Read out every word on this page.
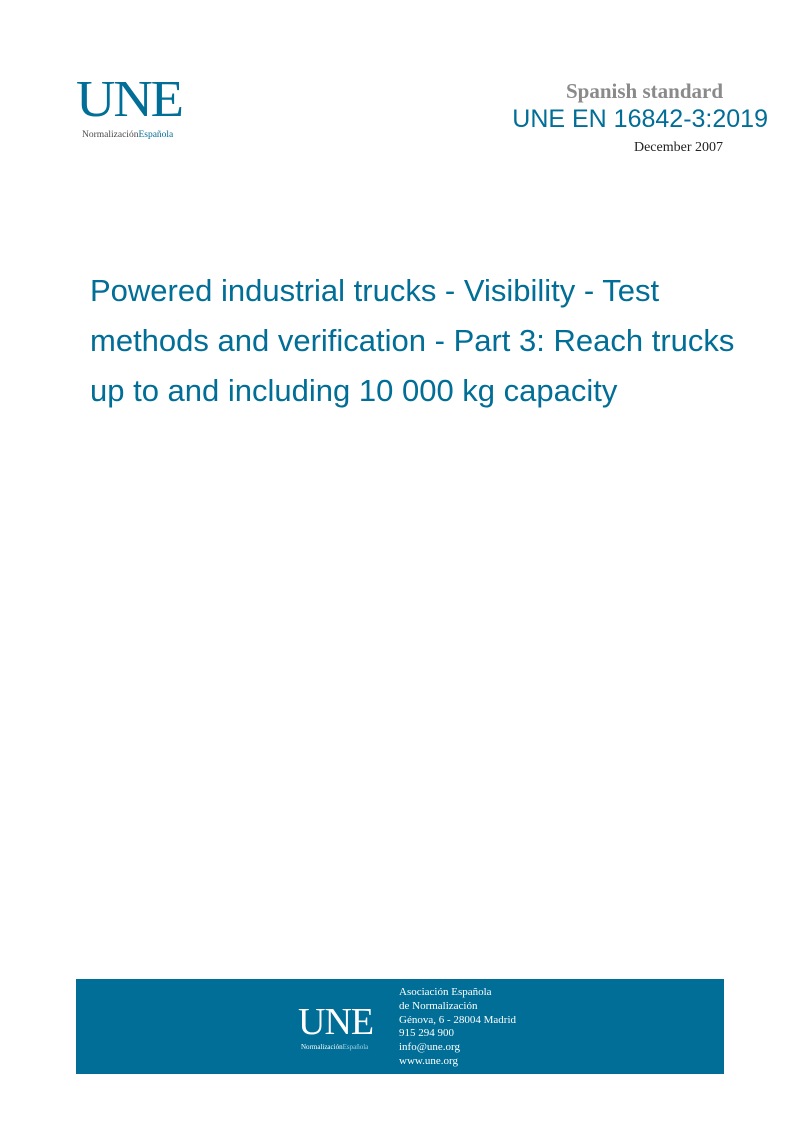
UNE
NormalizaciónEspañola
Spanish standard
UNE EN 16842-3:2019
December 2007
Powered industrial trucks - Visibility - Test
methods and verification - Part 3: Reach trucks
up to and including 10 000 kg capacity
UNE
NormalizaciónEspañola
Asociación Española
de Normalización
Génova, 6 - 28004 Madrid
915 294 900
info@une.org
www.une.org
